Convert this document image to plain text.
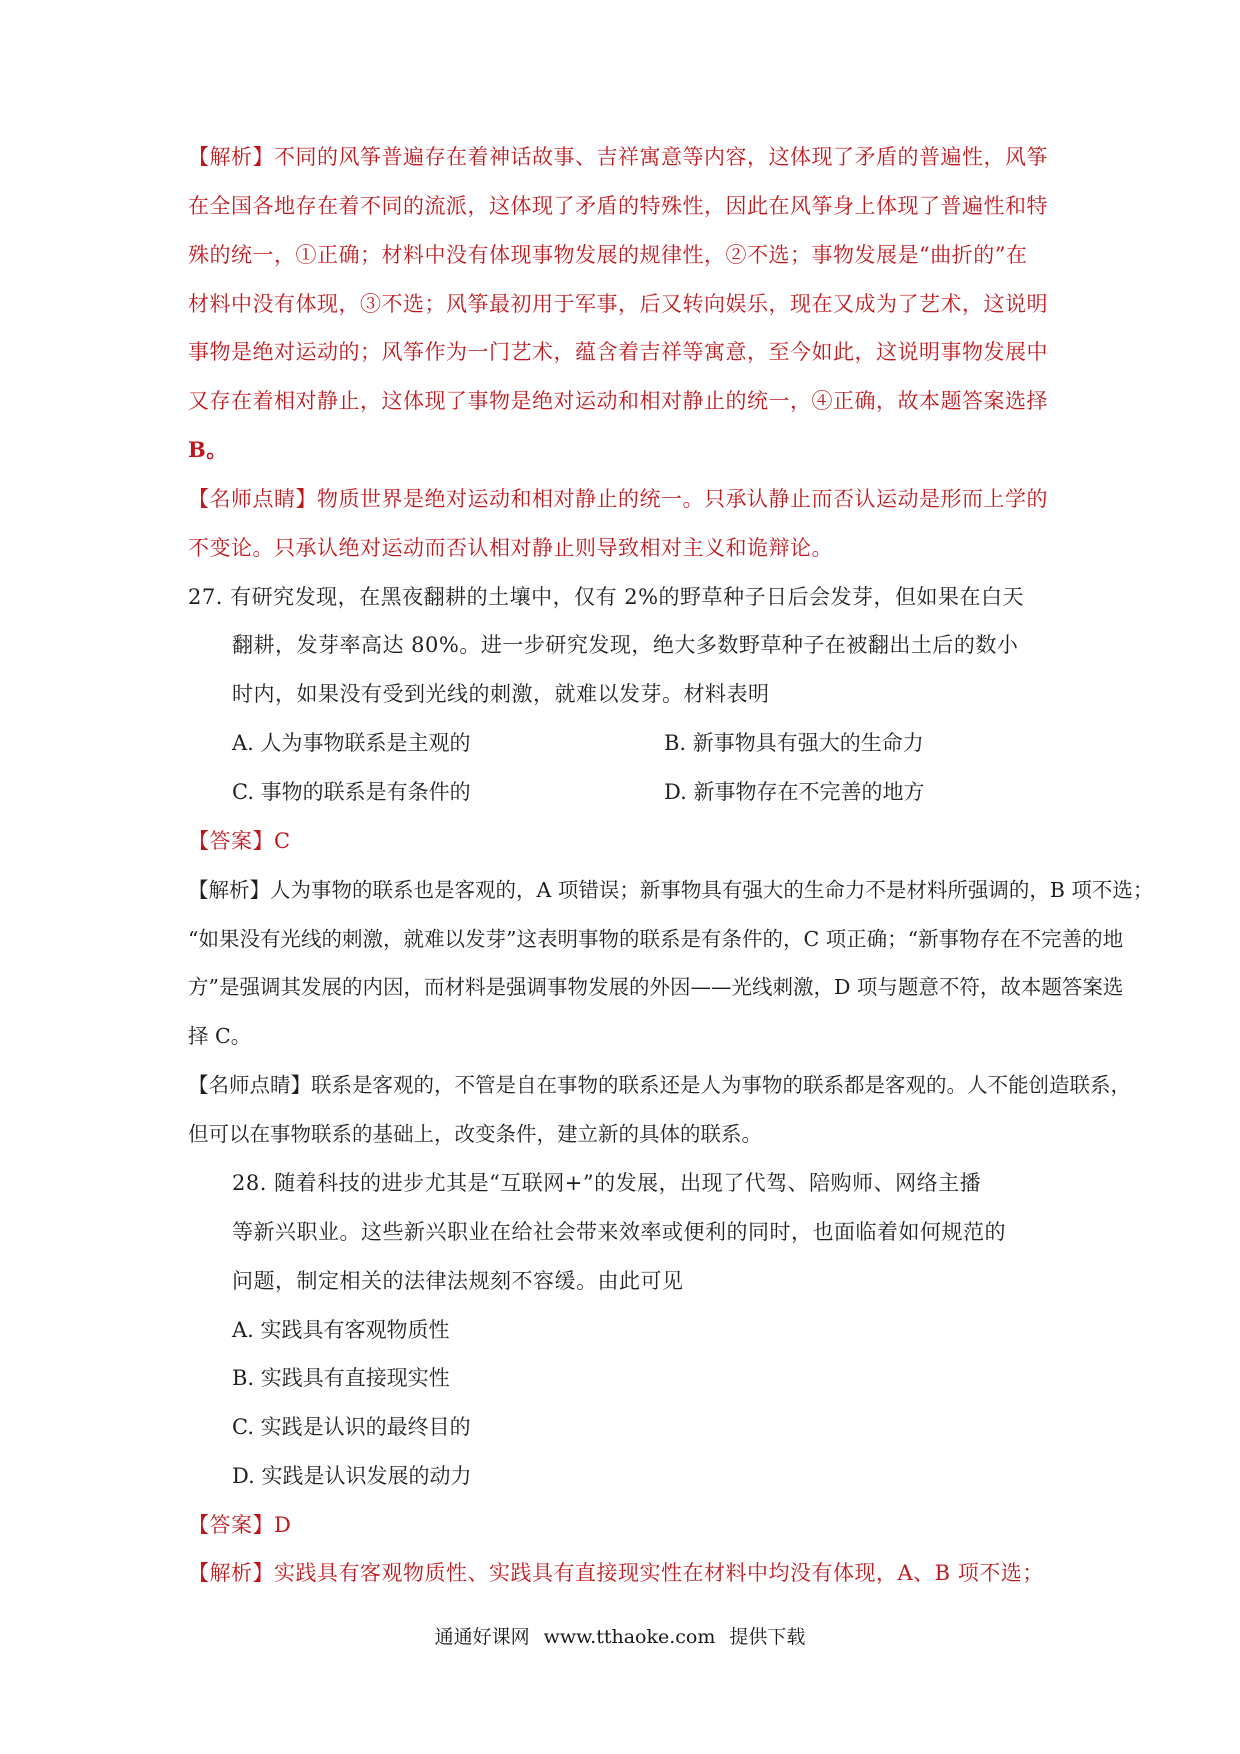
【解析】不同的风筝普遍存在着神话故事、吉祥寓意等内容，这体现了矛盾的普遍性，风筝
在全国各地存在着不同的流派，这体现了矛盾的特殊性，因此在风筝身上体现了普遍性和特
殊的统一，①正确；材料中没有体现事物发展的规律性，②不选；事物发展是“曲折的”在
材料中没有体现，③不选；风筝最初用于军事，后又转向娱乐，现在又成为了艺术，这说明
事物是绝对运动的；风筝作为一门艺术，蕴含着吉祥等寓意，至今如此，这说明事物发展中
又存在着相对静止，这体现了事物是绝对运动和相对静止的统一，④正确，故本题答案选择
B。
【名师点睛】物质世界是绝对运动和相对静止的统一。只承认静止而否认运动是形而上学的
不变论。只承认绝对运动而否认相对静止则导致相对主义和诡辩论。
27. 有研究发现，在黑夜翻耕的土壤中，仅有 2%的野草种子日后会发芽，但如果在白天
翻耕，发芽率高达 80%。进一步研究发现，绝大多数野草种子在被翻出土后的数小
时内，如果没有受到光线的刺激，就难以发芽。材料表明
A. 人为事物联系是主观的	B. 新事物具有强大的生命力
C. 事物的联系是有条件的	D. 新事物存在不完善的地方
【答案】C
【解析】人为事物的联系也是客观的，A 项错误；新事物具有强大的生命力不是材料所强调的，B 项不选；
“如果没有光线的刺激，就难以发芽”这表明事物的联系是有条件的，C 项正确；“新事物存在不完善的地
方”是强调其发展的内因，而材料是强调事物发展的外因——光线刺激，D 项与题意不符，故本题答案选
择 C。
【名师点睛】联系是客观的，不管是自在事物的联系还是人为事物的联系都是客观的。人不能创造联系，
但可以在事物联系的基础上，改变条件，建立新的具体的联系。
28. 随着科技的进步尤其是“互联网+”的发展，出现了代驾、陪购师、网络主播
等新兴职业。这些新兴职业在给社会带来效率或便利的同时，也面临着如何规范的
问题，制定相关的法律法规刻不容缓。由此可见
A. 实践具有客观物质性
B. 实践具有直接现实性
C. 实践是认识的最终目的
D. 实践是认识发展的动力
【答案】D
【解析】实践具有客观物质性、实践具有直接现实性在材料中均没有体现，A、B 项不选；
通通好课网 www.tthaoke.com 提供下载
